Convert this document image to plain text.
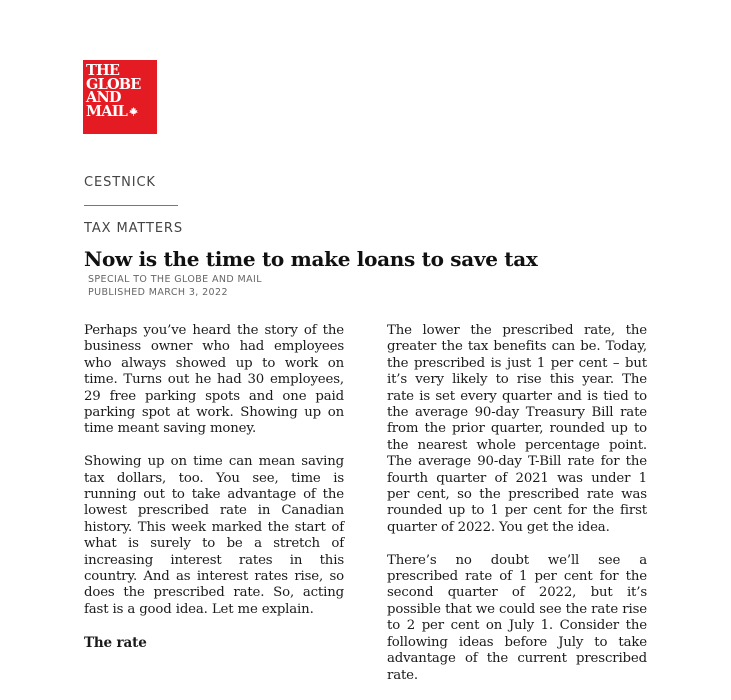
THE
GLOBE
AND
MAIL
CESTNICK
TAX MATTERS
Now is the time to make loans to save tax
SPECIAL TO THE GLOBE AND MAIL
PUBLISHED MARCH 3, 2022

Perhaps you’ve heard the story of the business owner who had employees who always showed up to work on time. Turns out he had 30 employees, 29 free parking spots and one paid parking spot at work. Showing up on time meant saving money.

Showing up on time can mean saving tax dollars, too. You see, time is running out to take advantage of the lowest prescribed rate in Canadian history. This week marked the start of what is surely to be a stretch of increasing interest rates in this country. And as interest rates rise, so does the prescribed rate. So, acting fast is a good idea. Let me explain.

The rate

The lower the prescribed rate, the greater the tax benefits can be. Today, the prescribed is just 1 per cent – but it’s very likely to rise this year. The rate is set every quarter and is tied to the average 90-day Treasury Bill rate from the prior quarter, rounded up to the nearest whole percentage point. The average 90-day T-Bill rate for the fourth quarter of 2021 was under 1 per cent, so the prescribed rate was rounded up to 1 per cent for the first quarter of 2022. You get the idea.

There’s no doubt we’ll see a prescribed rate of 1 per cent for the second quarter of 2022, but it’s possible that we could see the rate rise to 2 per cent on July 1. Consider the following ideas before July to take advantage of the current prescribed rate.
